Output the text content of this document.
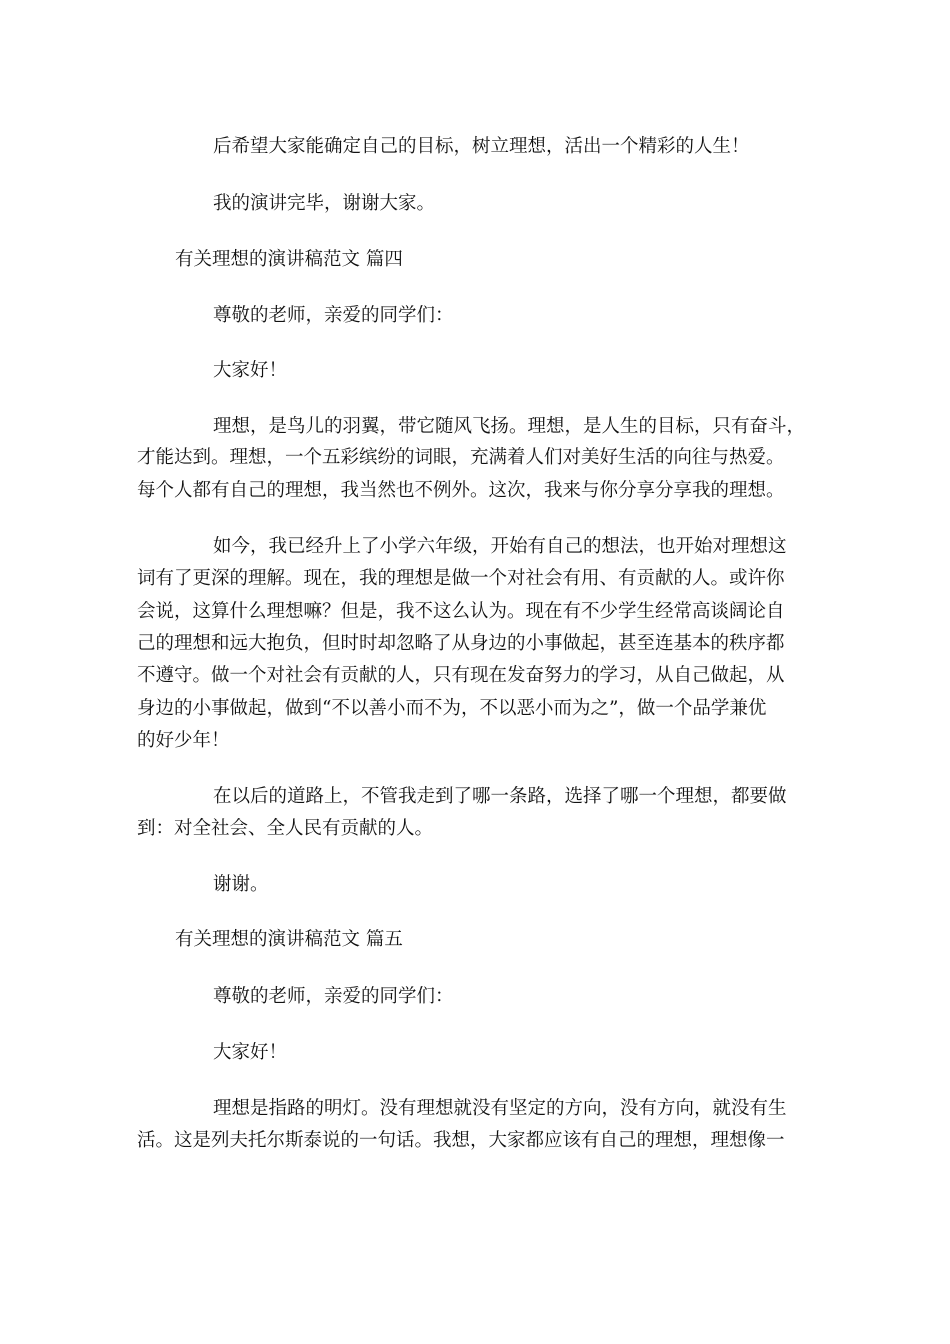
后希望大家能确定自己的目标，树立理想，活出一个精彩的人生！
我的演讲完毕，谢谢大家。
有关理想的演讲稿范文 篇四
尊敬的老师，亲爱的同学们：
大家好！
理想，是鸟儿的羽翼，带它随风飞扬。理想，是人生的目标，只有奋斗，
才能达到。理想，一个五彩缤纷的词眼，充满着人们对美好生活的向往与热爱。
每个人都有自己的理想，我当然也不例外。这次，我来与你分享分享我的理想。
如今，我已经升上了小学六年级，开始有自己的想法，也开始对理想这
词有了更深的理解。现在，我的理想是做一个对社会有用、有贡献的人。或许你
会说，这算什么理想嘛？但是，我不这么认为。现在有不少学生经常高谈阔论自
己的理想和远大抱负，但时时却忽略了从身边的小事做起，甚至连基本的秩序都
不遵守。做一个对社会有贡献的人，只有现在发奋努力的学习，从自己做起，从
身边的小事做起，做到“不以善小而不为，不以恶小而为之”，做一个品学兼优
的好少年！
在以后的道路上，不管我走到了哪一条路，选择了哪一个理想，都要做
到：对全社会、全人民有贡献的人。
谢谢。
有关理想的演讲稿范文 篇五
尊敬的老师，亲爱的同学们：
大家好！
理想是指路的明灯。没有理想就没有坚定的方向，没有方向，就没有生
活。这是列夫托尔斯泰说的一句话。我想，大家都应该有自己的理想，理想像一
